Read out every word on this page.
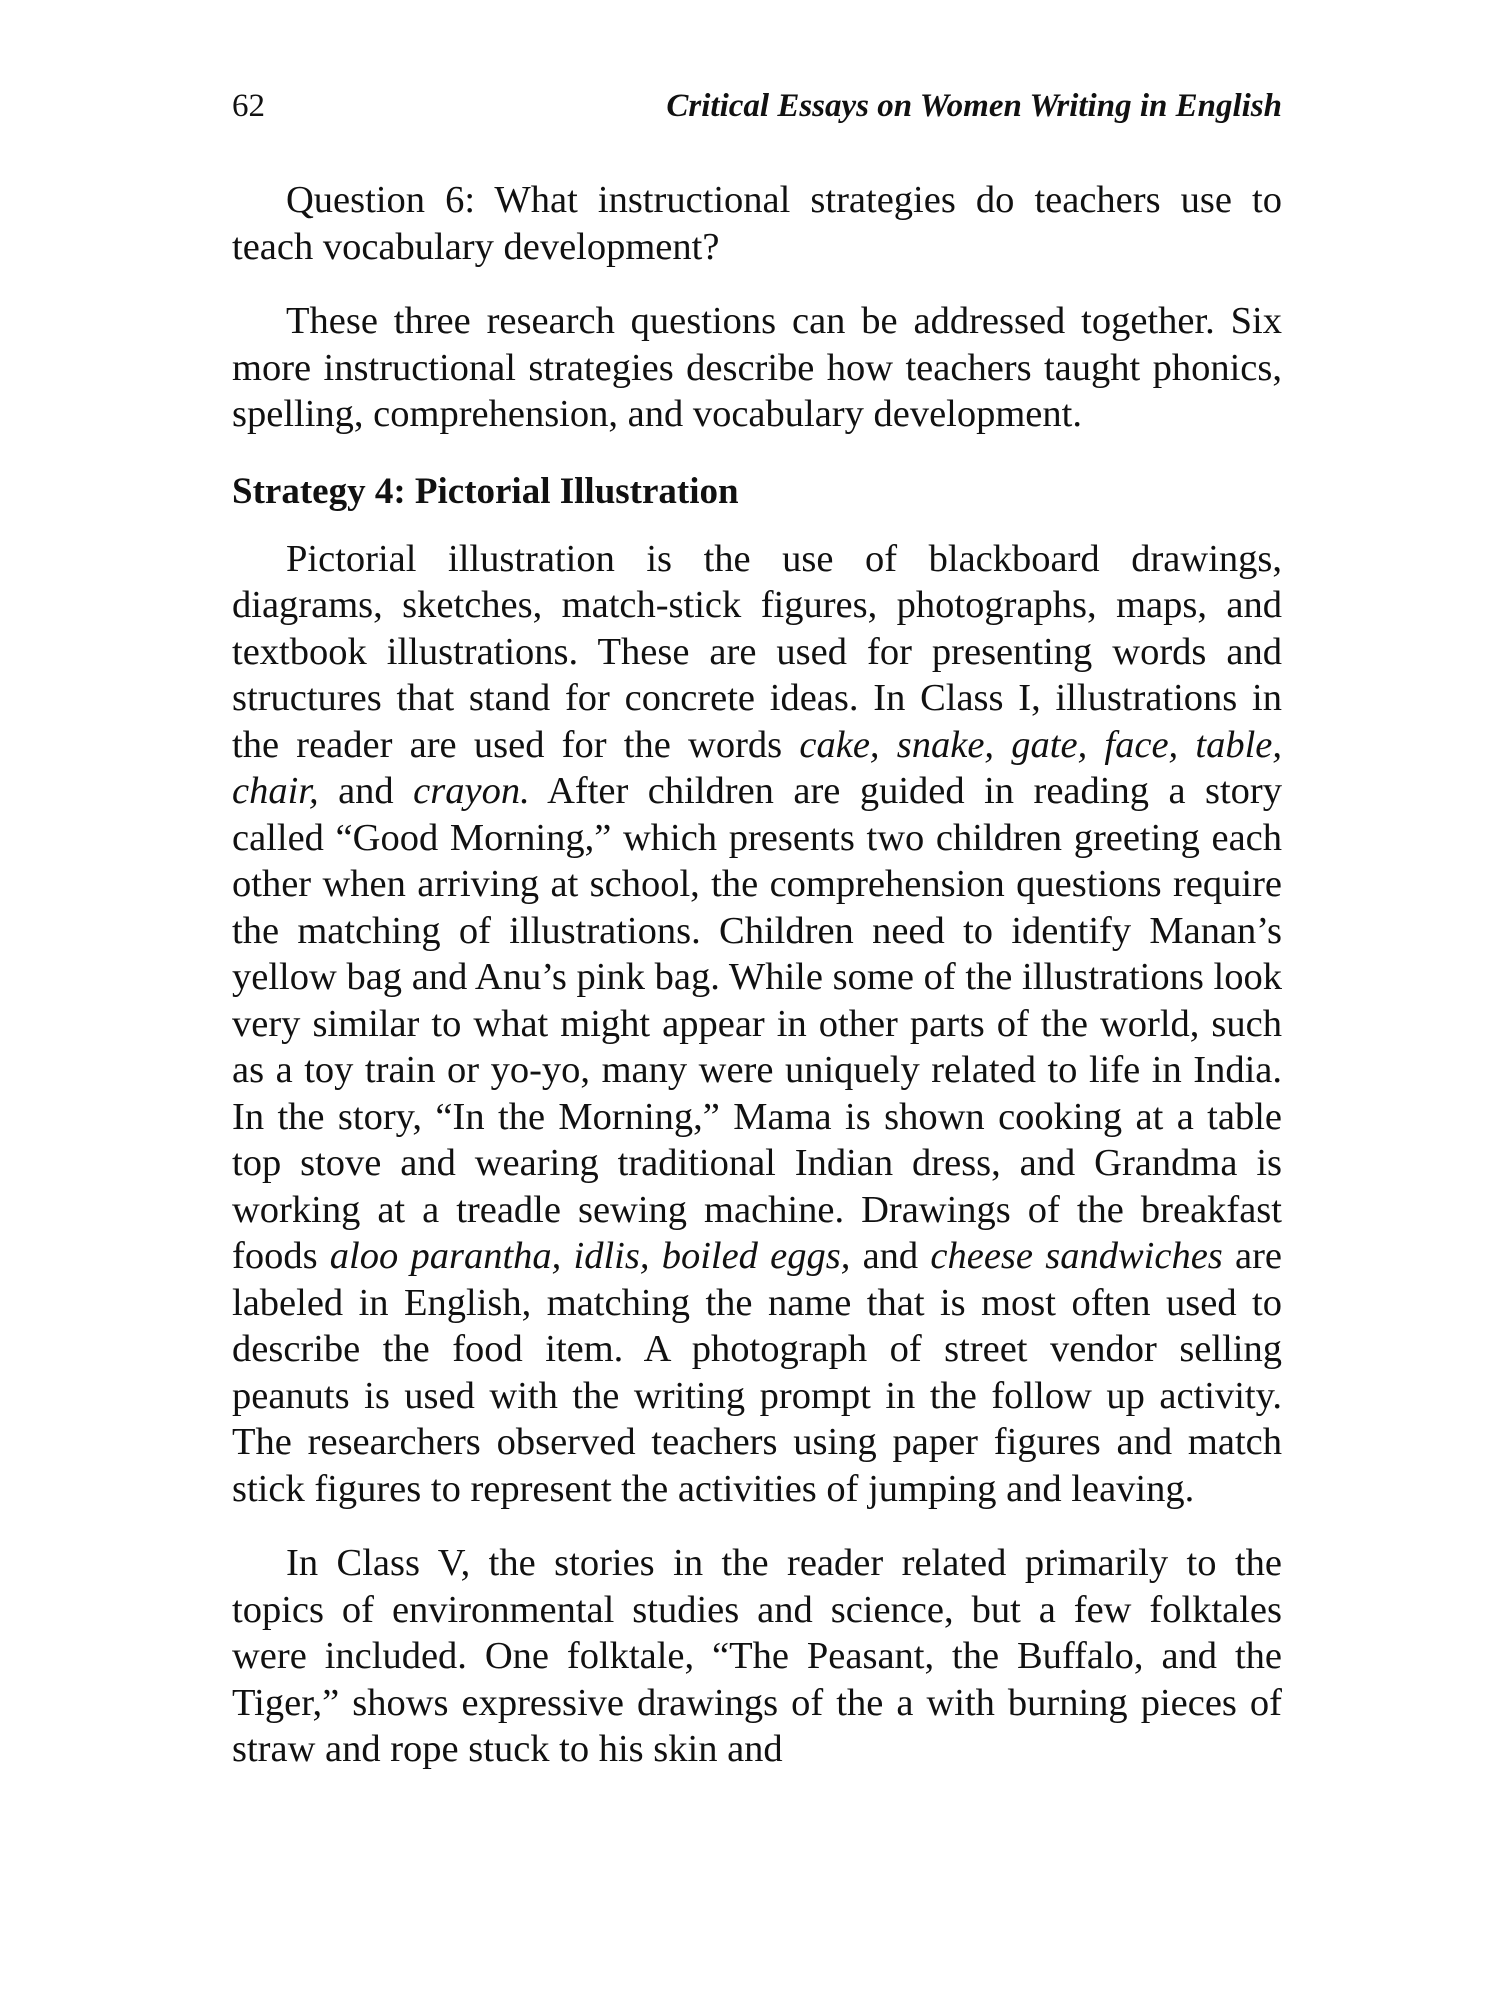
62	Critical Essays on Women Writing in English

Question 6: What instructional strategies do teachers use to teach vocabulary development?

These three research questions can be addressed together. Six more instructional strategies describe how teachers taught phonics, spelling, comprehension, and vocabulary development.

Strategy 4: Pictorial Illustration

Pictorial illustration is the use of blackboard drawings, diagrams, sketches, match-stick figures, photographs, maps, and textbook illustrations. These are used for presenting words and structures that stand for concrete ideas. In Class I, illustrations in the reader are used for the words cake, snake, gate, face, table, chair, and crayon. After children are guided in reading a story called “Good Morning,” which presents two children greeting each other when arriving at school, the comprehension questions require the matching of illustrations. Children need to identify Manan’s yellow bag and Anu’s pink bag. While some of the illustrations look very similar to what might appear in other parts of the world, such as a toy train or yo-yo, many were uniquely related to life in India. In the story, “In the Morning,” Mama is shown cooking at a table top stove and wearing traditional Indian dress, and Grandma is working at a treadle sewing machine. Drawings of the breakfast foods aloo parantha, idlis, boiled eggs, and cheese sandwiches are labeled in English, matching the name that is most often used to describe the food item. A photograph of street vendor selling peanuts is used with the writing prompt in the follow up activity. The researchers observed teachers using paper figures and match stick figures to represent the activities of jumping and leaving.

In Class V, the stories in the reader related primarily to the topics of environmental studies and science, but a few folktales were included. One folktale, “The Peasant, the Buffalo, and the Tiger,” shows expressive drawings of the a with burning pieces of straw and rope stuck to his skin and
